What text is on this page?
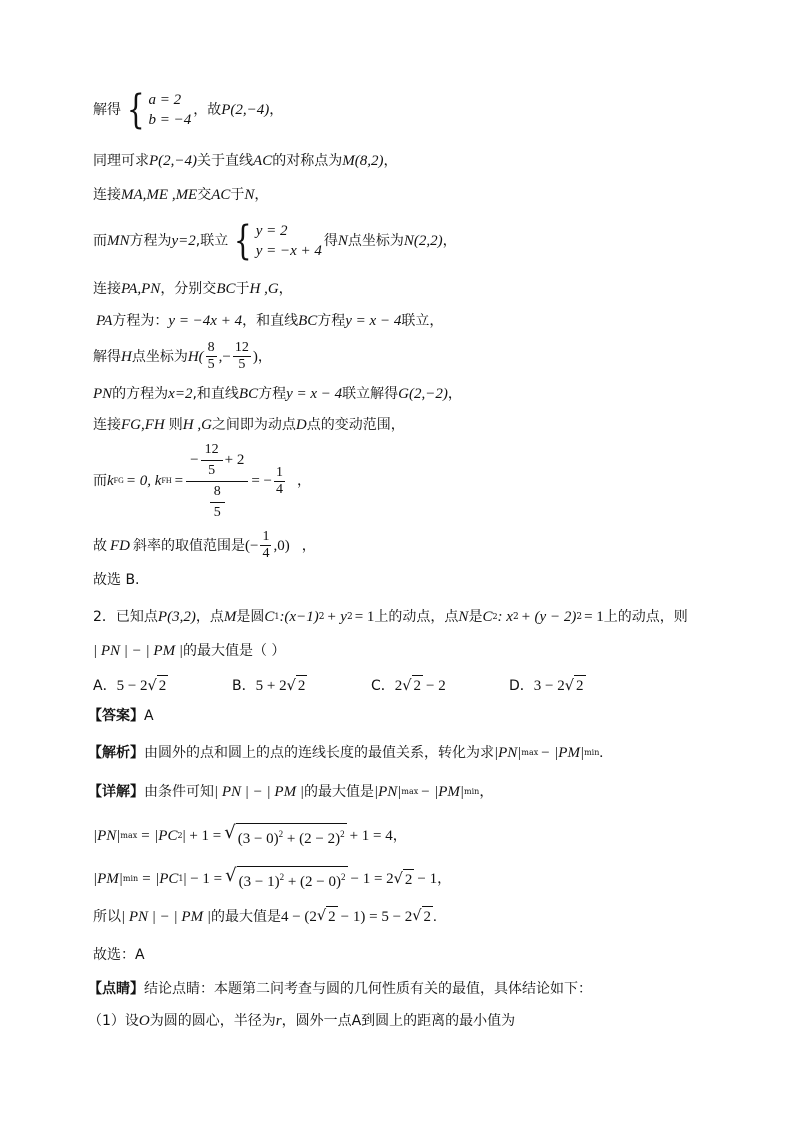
解得 { a = 2
b = −4
，故 P(2,−4) ，
同理可求 P(2,−4) 关于直线 AC 的对称点为 M(8,2) ，
连接 MA,ME ,ME 交 AC 于 N ，
而 MN 方程为 y=2 ,联立 { y = 2
y = −x + 4
得 N 点坐标为 N(2,2) ，
连接 PA,PN ，分别交 BC 于 H ,G ，
PA 方程为： y = −4x + 4 ，和直线 BC 方程 y = x − 4 联立，
解得 H 点坐标为 $H( \frac{8}{5}$ ,− $\frac{12}{5}$ ) ，
PN 的方程为 x=2 ,和直线 BC 方程 y = x − 4 联立解得 G(2,−2) ，
连接 FG,FH 则 H ,G 之间即为动点 D 点的变动范围，
而 k FG = 0, k FH = $\frac{- \frac{12}{5} + 2}{\frac{8}{5}}$ = − $\frac{1}{4}$ ，
故 FD 斜率的取值范围是 (− $\frac{1}{4} ,0$) ，
故选 B.
2．已知点 P(3,2) ，点 M 是圆 C 1 :(x−1) 2 + y 2 = 1 上的动点，点 N 是 C 2 : x 2 + (y − 2) 2 = 1 上的动点，则
| PN | − | PM | 的最大值是（ ）
A．5 − 2√ 2	B．5 + 2√ 2	C．2√ 2 − 2	D．3 − 2√ 2
【答案】 A
【解析】 由圆外的点和圆上的点的连线长度的最值关系，转化为求 |PN| max − |PM| min .
【详解】 由条件可知 | PN | − | PM | 的最大值是 |PN| max − |PM| min ，
|PN| max = |PC 2 | + 1 = √ $(3 - 0)^2 + (2 - 2)^2 + 1 = 4$ ，
|PM| min = |PC 1 | − 1 = √ $(3 - 1)^2 + (2 - 0)^2 - 1 = 2$ √ 2 − 1 ，
所以 | PN | − | PM | 的最大值是 4 − (2 √ 2 − 1) = 5 − 2 √ 2 .
故选：A
【点睛】 结论点睛：本题第二问考查与圆的几何性质有关的最值，具体结论如下：
（1）设 O 为圆的圆心，半径为 r ，圆外一点A到圆上的距离的最小值为
